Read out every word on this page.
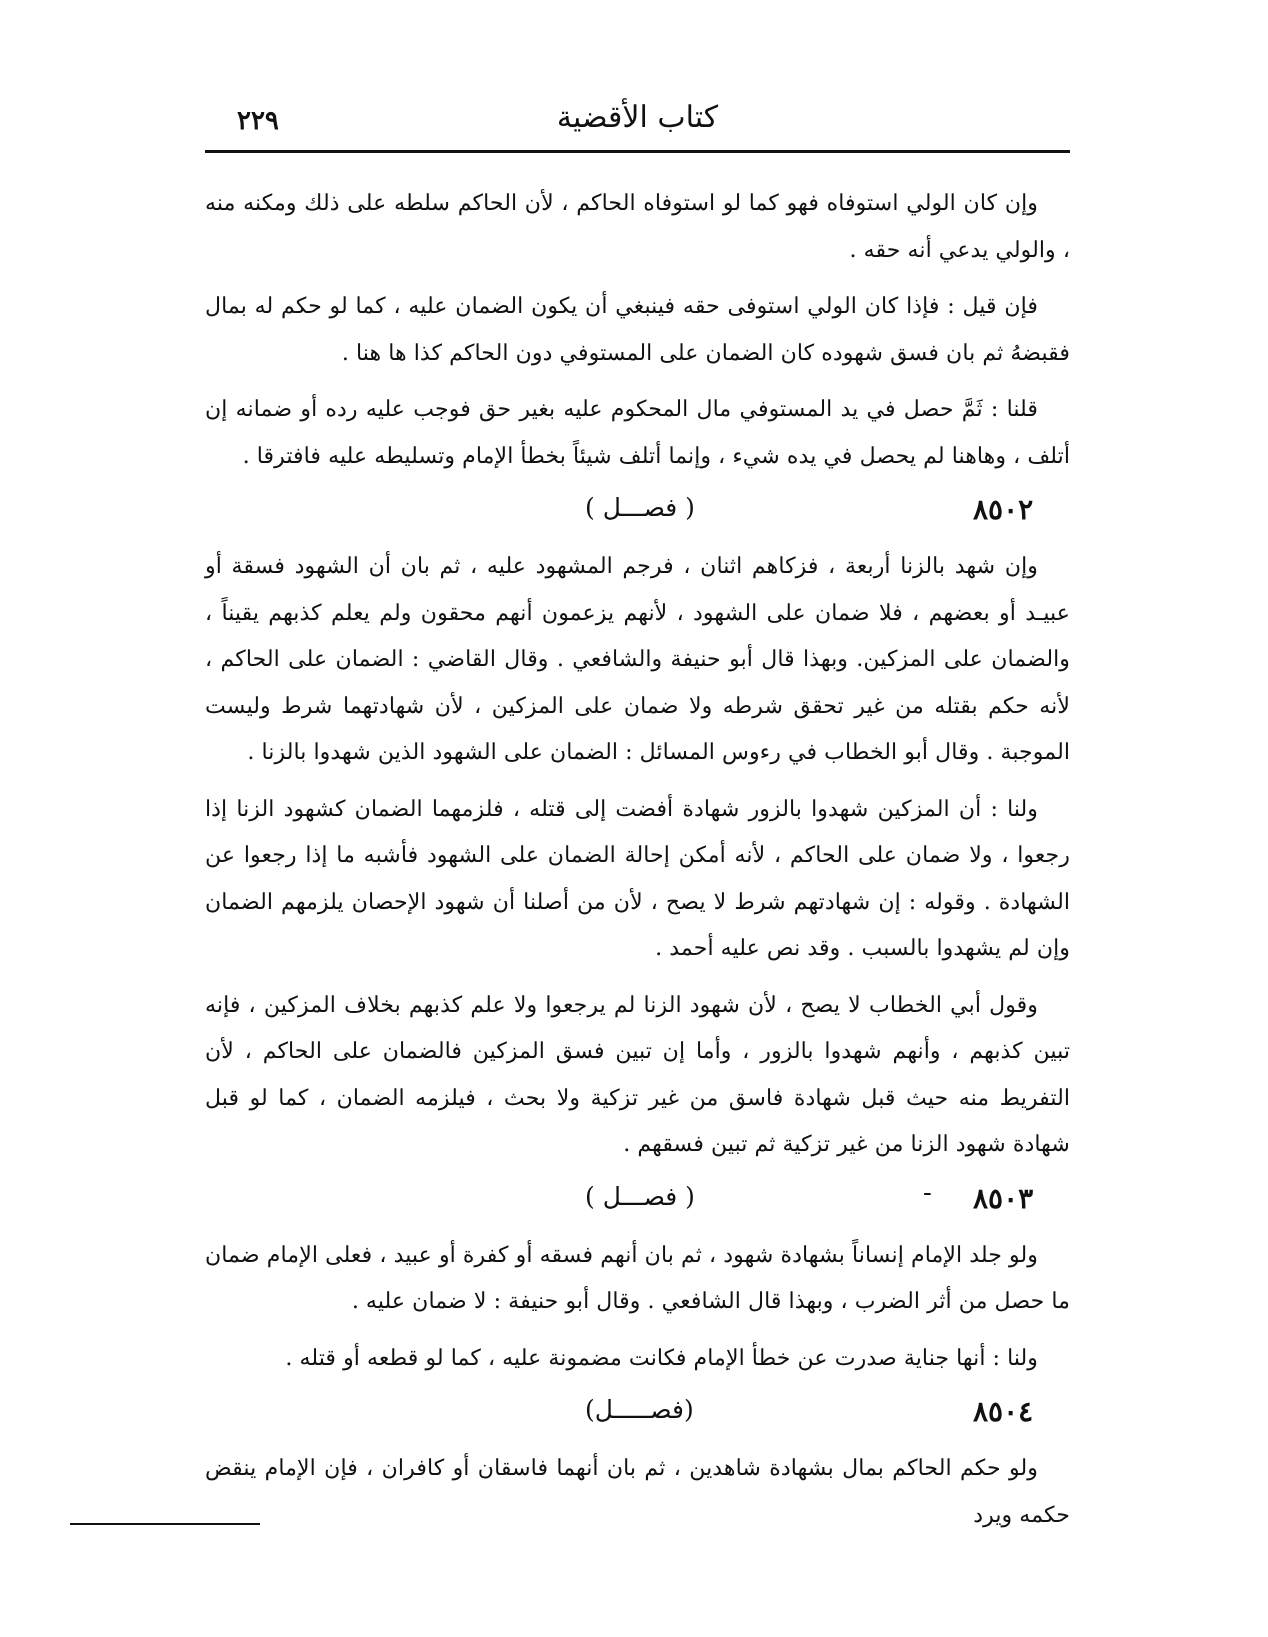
٢٢٩	كتاب الأقضية

وإن كان الولي استوفاه فهو كما لو استوفاه الحاكم ، لأن الحاكم سلطه على ذلك ومكنه منه ، والولي يدعي أنه حقه .

فإن قيل : فإذا كان الولي استوفى حقه فينبغي أن يكون الضمان عليه ، كما لو حكم له بمال فقبضهُ ثم بان فسق شهوده كان الضمان على المستوفي دون الحاكم كذا ها هنا .

قلنا : ثَمَّ حصل في يد المستوفي مال المحكوم عليه بغير حق فوجب عليه رده أو ضمانه إن أتلف ، وهاهنا لم يحصل في يده شيء ، وإنما أتلف شيئاً بخطأ الإمام وتسليطه عليه فافترقا .

٨٥٠٢
( فصـــل )

وإن شهد بالزنا أربعة ، فزكاهم اثنان ، فرجم المشهود عليه ، ثم بان أن الشهود فسقة أو عبيـد أو بعضهم ، فلا ضمان على الشهود ، لأنهم يزعمون أنهم محقون ولم يعلم كذبهم يقيناً ، والضمان على المزكين. وبهذا قال أبو حنيفة والشافعي . وقال القاضي : الضمان على الحاكم ، لأنه حكم بقتله من غير تحقق شرطه ولا ضمان على المزكين ، لأن شهادتهما شرط وليست الموجبة . وقال أبو الخطاب في رءوس المسائل : الضمان على الشهود الذين شهدوا بالزنا .

ولنا : أن المزكين شهدوا بالزور شهادة أفضت إلى قتله ، فلزمهما الضمان كشهود الزنا إذا رجعوا ، ولا ضمان على الحاكم ، لأنه أمكن إحالة الضمان على الشهود فأشبه ما إذا رجعوا عن الشهادة . وقوله : إن شهادتهم شرط لا يصح ، لأن من أصلنا أن شهود الإحصان يلزمهم الضمان وإن لم يشهدوا بالسبب . وقد نص عليه أحمد .

وقول أبي الخطاب لا يصح ، لأن شهود الزنا لم يرجعوا ولا علم كذبهم بخلاف المزكين ، فإنه تبين كذبهم ، وأنهم شهدوا بالزور ، وأما إن تبين فسق المزكين فالضمان على الحاكم ، لأن التفريط منه حيث قبل شهادة فاسق من غير تزكية ولا بحث ، فيلزمه الضمان ، كما لو قبل شهادة شهود الزنا من غير تزكية ثم تبين فسقهم .

٨٥٠٣
-
( فصـــل )

ولو جلد الإمام إنساناً بشهادة شهود ، ثم بان أنهم فسقه أو كفرة أو عبيد ، فعلى الإمام ضمان ما حصل من أثر الضرب ، وبهذا قال الشافعي . وقال أبو حنيفة : لا ضمان عليه .

ولنا : أنها جناية صدرت عن خطأ الإمام فكانت مضمونة عليه ، كما لو قطعه أو قتله .

٨٥٠٤
(فصـــــل)

ولو حكم الحاكم بمال بشهادة شاهدين ، ثم بان أنهما فاسقان أو كافران ، فإن الإمام ينقض حكمه ويرد
